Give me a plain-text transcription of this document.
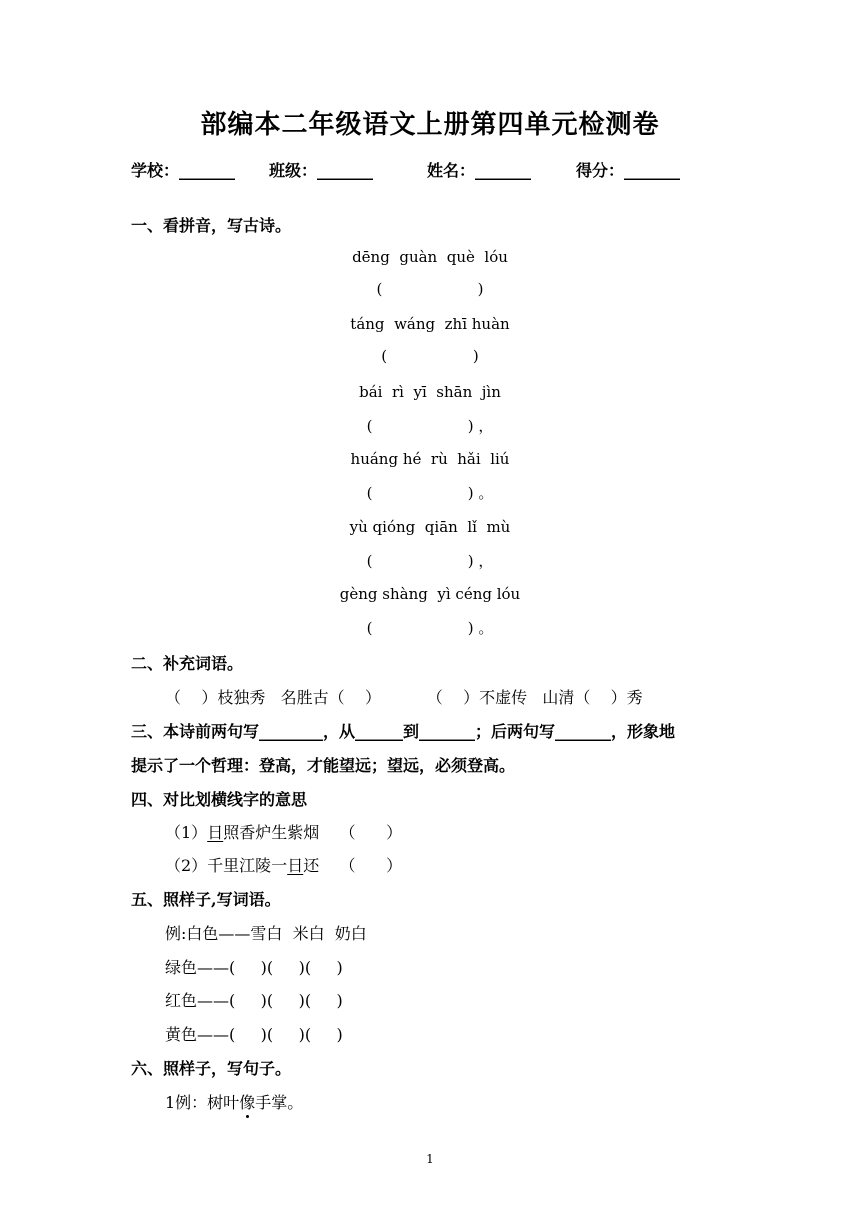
部编本二年级语文上册第四单元检测卷
学校：_______ 班级：_______	姓名：_______	得分：_______
一、看拼音，写古诗。
dēng  guàn  què  lóu
(                    )
táng  wáng  zhī huàn
(                  )
bái  rì  yī  shān  jìn
(                    ) ，
huáng hé  rù  hǎi  liú
(                    ) 。
yù qióng  qiān  lǐ  mù
(                    ) ，
gèng shàng  yì céng lóu
(                    ) 。
二、补充词语。
（    ）枝独秀   名胜古（    ）         （    ）不虚传   山清（    ）秀
三、本诗前两句写________，从______到_______；后两句写_______，形象地
提示了一个哲理：登高，才能望远；望远，必须登高。
四、对比划横线字的意思
（1）日照香炉生紫烟    （      ）
（2）千里江陵一日还    （      ）
五、照样子,写词语。
例:白色——雪白  米白  奶白
绿色——(     )(     )(     )
红色——(     )(     )(     )
黄色——(     )(     )(     )
六、照样子，写句子。
1例：树叶像手掌。
1
